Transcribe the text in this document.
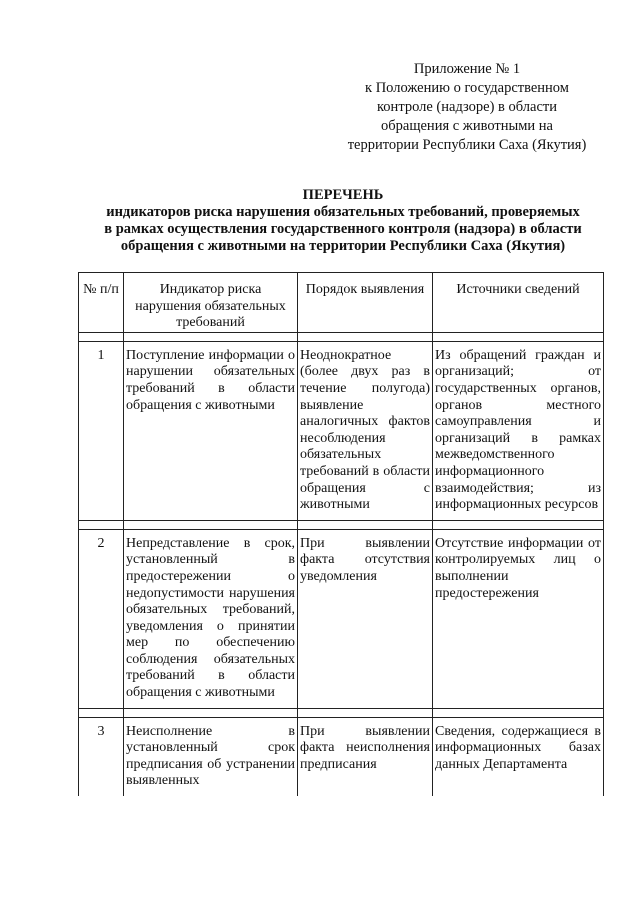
Приложение № 1
к Положению о государственном
контроле (надзоре) в области
обращения с животными на
территории Республики Саха (Якутия)
ПЕРЕЧЕНЬ
индикаторов риска нарушения обязательных требований, проверяемых
в рамках осуществления государственного контроля (надзора) в области
обращения с животными на территории Республики Саха (Якутия)
№ п/п	Индикатор риска нарушения обязательных требований	Порядок выявления	Источники сведений

1	Поступление информации о нарушении обязательных требований в области обращения с животными	Неоднократное (более двух раз в течение полугода) выявление аналогичных фактов несоблюдения обязательных требований в области обращения с животными	Из обращений граждан и организаций; от государственных органов, органов местного самоуправления и организаций в рамках межведомственного информационного взаимодействия; из информационных ресурсов

2	Непредставление в срок, установленный в предостережении о недопустимости нарушения обязательных требований, уведомления о принятии мер по обеспечению соблюдения обязательных требований в области обращения с животными	При выявлении факта отсутствия уведомления	Отсутствие информации от контролируемых лиц о выполнении предостережения

3	Неисполнение в установленный срок предписания об устранении выявленных	При выявлении факта неисполнения предписания	Сведения, содержащиеся в информационных базах данных Департамента
